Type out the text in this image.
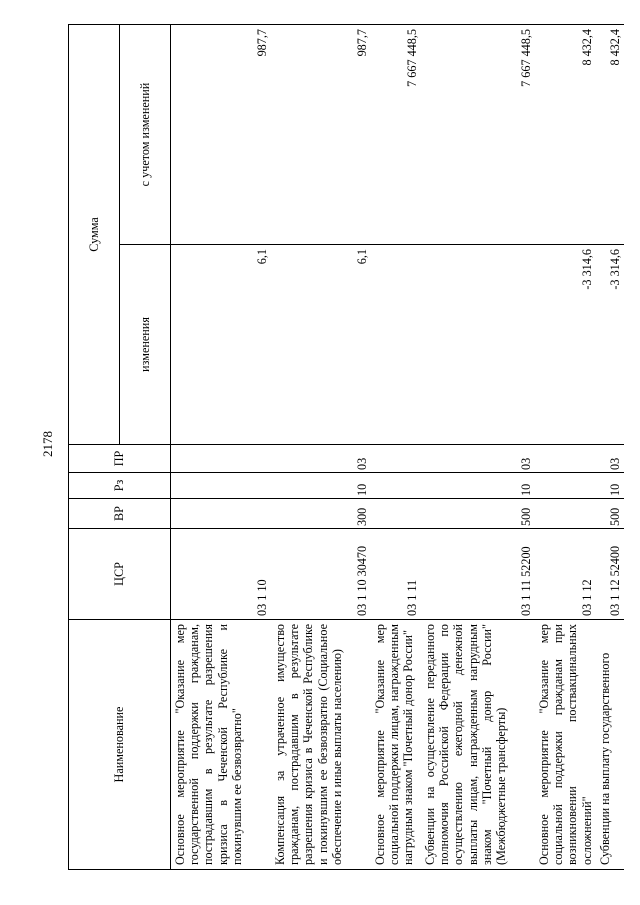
2178
Наименование	ЦСР	ВР	Рз	ПР	Сумма	
					изменения	с учетом изменений
Основное мероприятие "Оказание мер государственной поддержки гражданам, пострадавшим в результате разрешения кризиса в Чеченской Республике и покинувшим ее безвозвратно"	03 1 10				6,1	987,7
Компенсация за утраченное имущество гражданам, пострадавшим в результате разрешения кризиса в Чеченской Республике и покинувшим ее безвозвратно (Социальное обеспечение и иные выплаты населению)	03 1 10 30470	300	10	03	6,1	987,7
Основное мероприятие "Оказание мер социальной поддержки лицам, награжденным нагрудным знаком "Почетный донор России"	03 1 11					7 667 448,5
Субвенции на осуществление переданного полномочия Российской Федерации по осуществлению ежегодной денежной выплаты лицам, награжденным нагрудным знаком "Почетный донор России" (Межбюджетные трансферты)	03 1 11 52200	500	10	03		7 667 448,5
Основное мероприятие "Оказание мер социальной поддержки гражданам при возникновении поствакцинальных осложнений"	03 1 12				-3 314,6	8 432,4
Субвенции на выплату государственного	03 1 12 52400	500	10	03	-3 314,6	8 432,4
